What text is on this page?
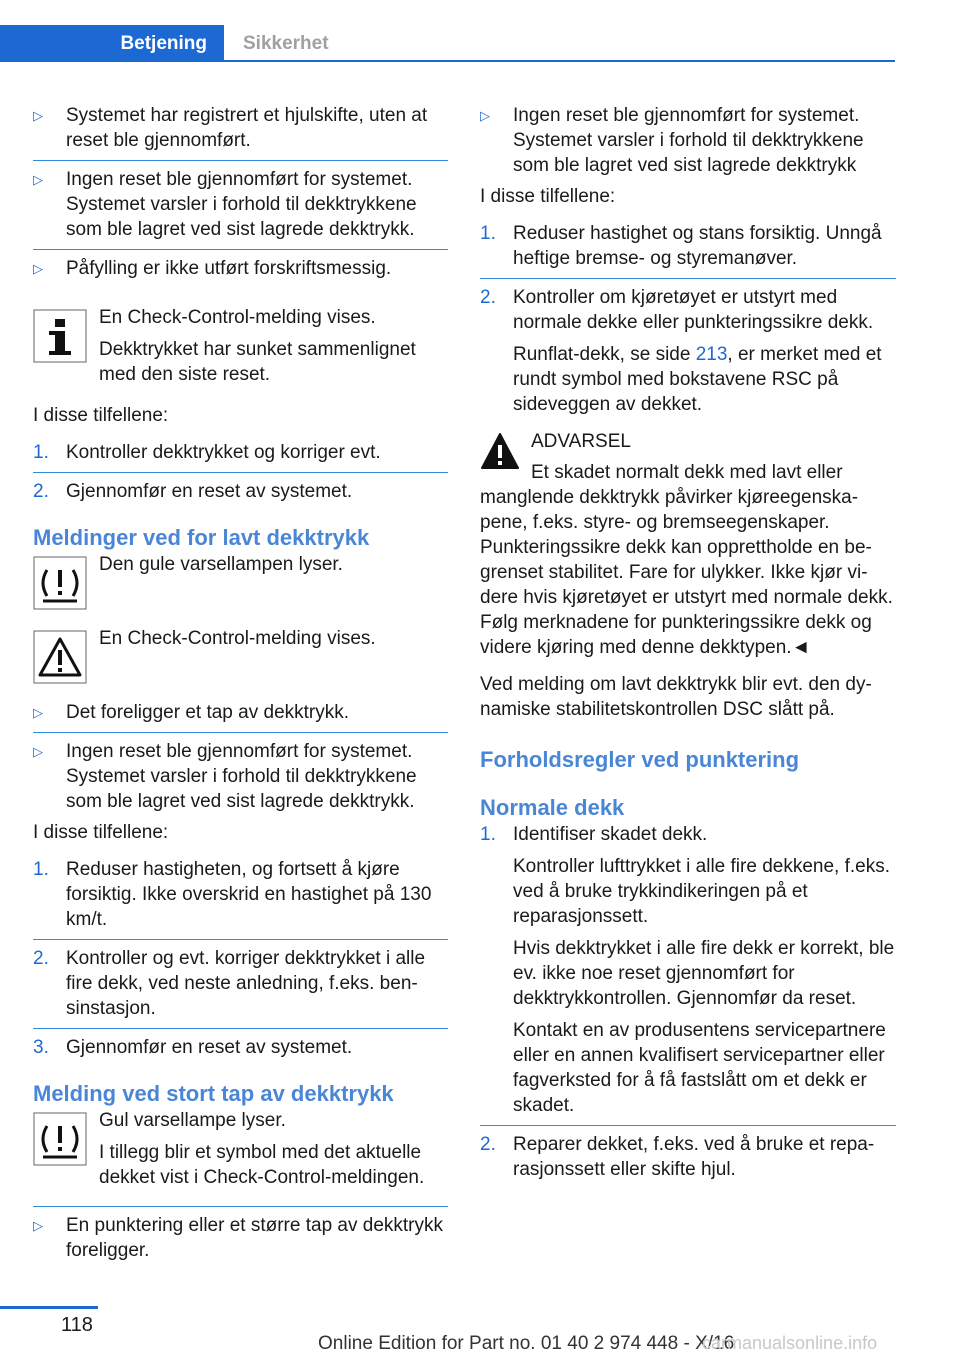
Betjening	Sikkerhet
▷ Systemet har registrert et hjulskifte, uten at reset ble gjennomført.
▷ Ingen reset ble gjennomført for systemet. Systemet varsler i forhold til dekktrykkene som ble lagret ved sist lagrede dekktrykk.
▷ Påfylling er ikke utført forskriftsmessig.

En Check-Control-melding vises.

Dekktrykket har sunket sammenlignet med den siste reset.

I disse tilfellene:

1. Kontroller dekktrykket og korriger evt.
2. Gjennomfør en reset av systemet.
Meldinger ved for lavt dekktrykk

Den gule varsellampen lyser.

En Check-Control-melding vises.

▷ Det foreligger et tap av dekktrykk.
▷ Ingen reset ble gjennomført for systemet. Systemet varsler i forhold til dekktrykkene som ble lagret ved sist lagrede dekktrykk.

I disse tilfellene:

1. Reduser hastigheten, og fortsett å kjøre forsiktig. Ikke overskrid en hastighet på 130 km/t.
2. Kontroller og evt. korriger dekktrykket i alle fire dekk, ved neste anledning, f.eks. bensinstasjon.
3. Gjennomfør en reset av systemet.
Melding ved stort tap av dekktrykk

Gul varsellampe lyser.

I tillegg blir et symbol med det aktuelle dekket vist i Check-Control-meldingen.

▷ En punktering eller et større tap av dekktrykk foreligger.
▷ Ingen reset ble gjennomført for systemet. Systemet varsler i forhold til dekktrykkene som ble lagret ved sist lagrede dekktrykk

I disse tilfellene:

1. Reduser hastighet og stans forsiktig. Unngå heftige bremse- og styremanøver.
2. Kontroller om kjøretøyet er utstyrt med normale dekke eller punkteringssikre dekk.

Runflat-dekk, se side 213, er merket med et rundt symbol med bokstavene RSC på sideveggen av dekket.

ADVARSEL

Et skadet normalt dekk med lavt eller

manglende dekktrykk påvirker kjøreegenskapene, f.eks. styre- og bremseegenskaper. Punkteringssikre dekk kan opprettholde en begrenset stabilitet. Fare for ulykker. Ikke kjør videre hvis kjøretøyet er utstyrt med normale dekk. Følg merknadene for punkteringssikre dekk og videre kjøring med denne dekktypen.◄

Ved melding om lavt dekktrykk blir evt. den dynamiske stabilitetskontrollen DSC slått på.

Forholdsregler ved punktering
Normale dekk
1. Identifiser skadet dekk.

Kontroller lufttrykket i alle fire dekkene, f.eks. ved å bruke trykkindikeringen på et reparasjonssett.

Hvis dekktrykket i alle fire dekk er korrekt, ble ev. ikke noe reset gjennomført for dekktrykkontrollen. Gjennomfør da reset.

Kontakt en av produsentens servicepartnere eller en annen kvalifisert servicepartner eller fagverksted for å få fastslått om et dekk er skadet.

2. Reparer dekket, f.eks. ved å bruke et reparasjonssett eller skifte hjul.
118
Online Edition for Part no. 01 40 2 974 448 - X/16
carmanualsonline.info
